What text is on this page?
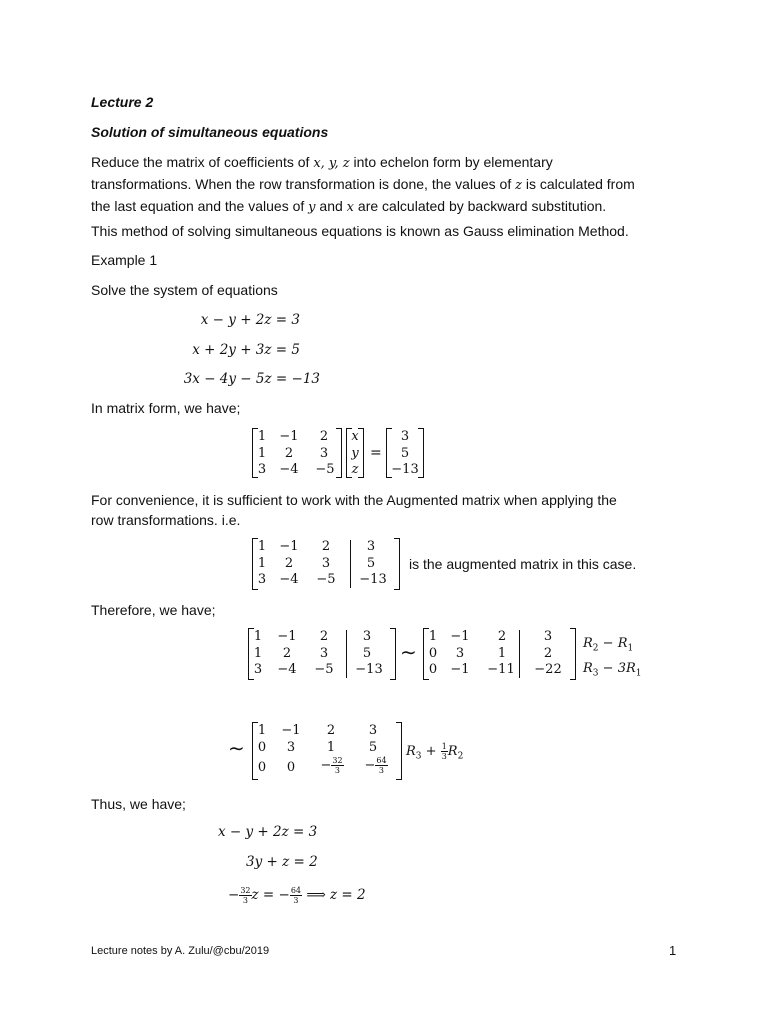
Lecture 2
Solution of simultaneous equations
Reduce the matrix of coefficients of x, y, z into echelon form by elementary
transformations. When the row transformation is done, the values of z is calculated from
the last equation and the values of y and x are calculated by backward substitution.
This method of solving simultaneous equations is known as Gauss elimination Method.
Example 1
Solve the system of equations
x − y + 2z = 3
x + 2y + 3z = 5
3x − 4y − 5z = −13
In matrix form, we have;
1 −1	2
1	2	3
3 −4 −5
x
y
z
=
3
5
−13
For convenience, it is sufficient to work with the Augmented matrix when applying the
row transformations. i.e.
1 −1	2	3
1	2	3	5
3 −4 −5 −13
is the augmented matrix in this case.
Therefore, we have;
1 −1	2	3
1	2	3	5
3 −4 −5 −13
∼
1 −1	2	3
0	3	1	2
0 −1 −11 −22
$R_2 - R_1$
$R_3 - 3R_1$
∼
1 −1	2	3
0	3	1	5
0	0	− $\frac{32}{3}$	− $\frac{64}{3}$
$R_3 + \frac{1}{3} R_2$
Thus, we have;
x − y + 2z = 3
3y + z = 2
− $\frac{32}{3}$ z = − $\frac{64}{3}$ ⟹ z = 2
Lecture notes by A. Zulu/@cbu/2019	1
